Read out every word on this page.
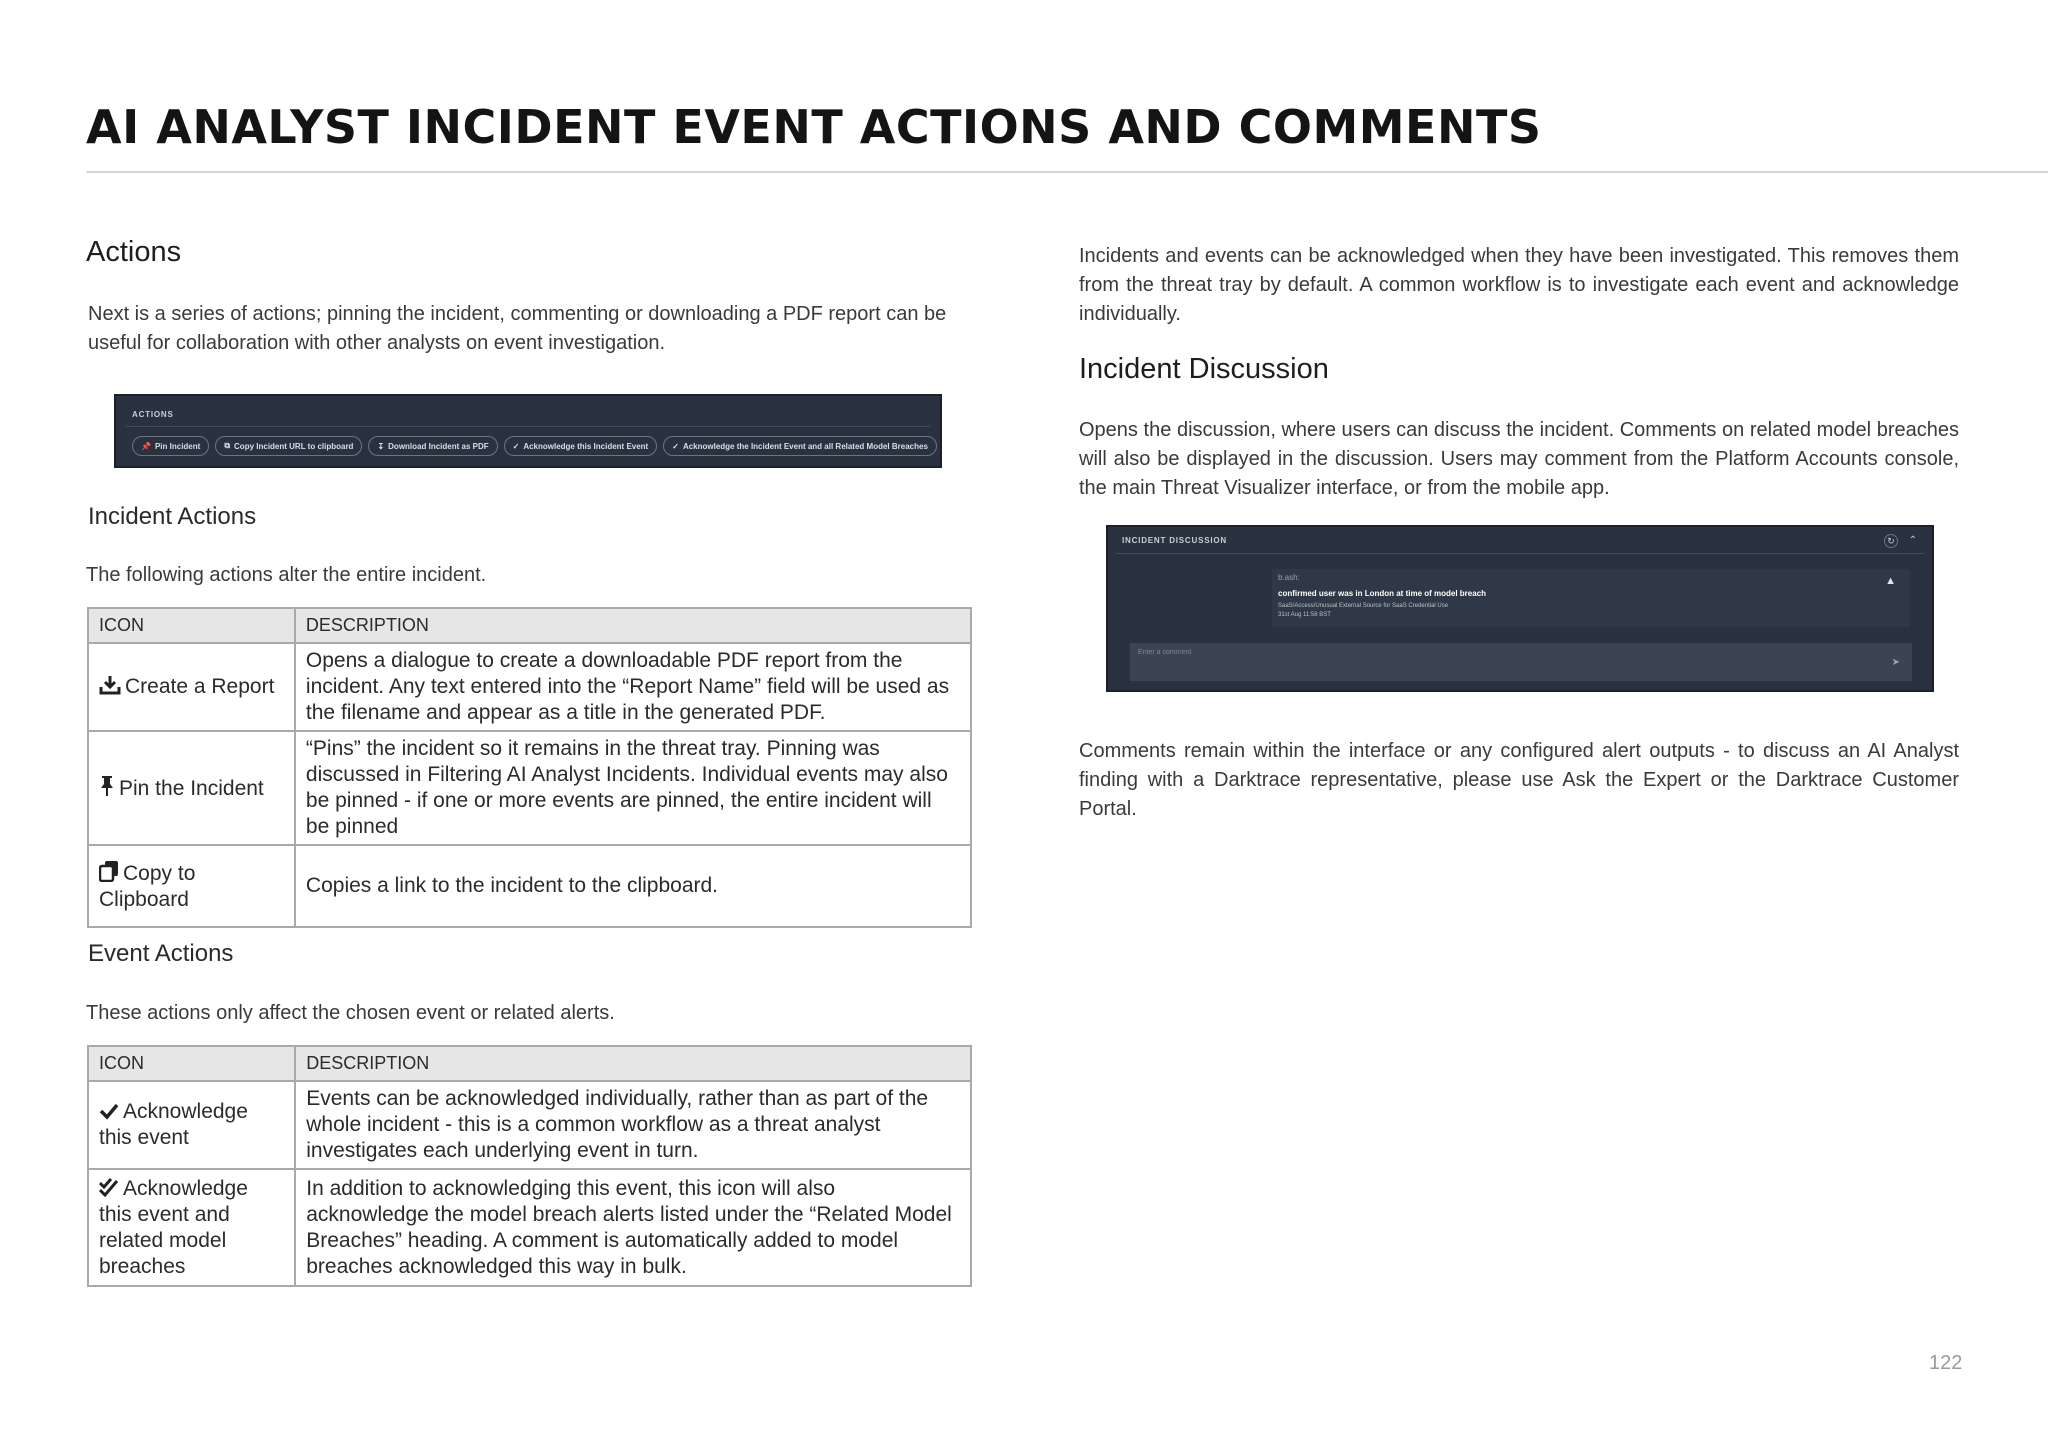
AI ANALYST INCIDENT EVENT ACTIONS AND COMMENTS
Actions

Next is a series of actions; pinning the incident, commenting or downloading a PDF report can be useful for collaboration with other analysts on event investigation.

ACTIONS
📌 Pin Incident	⧉ Copy Incident URL to clipboard	↧ Download Incident as PDF	✓ Acknowledge this Incident Event	✓ Acknowledge the Incident Event and all Related Model Breaches
Incident Actions

The following actions alter the entire incident.

ICON	DESCRIPTION
Create a Report	Opens a dialogue to create a downloadable PDF report from the incident. Any text entered into the “Report Name” field will be used as the filename and appear as a title in the generated PDF.
Pin the Incident	“Pins” the incident so it remains in the threat tray. Pinning was discussed in Filtering AI Analyst Incidents. Individual events may also be pinned - if one or more events are pinned, the entire incident will be pinned
Copy to Clipboard	Copies a link to the incident to the clipboard.
Event Actions

These actions only affect the chosen event or related alerts.

ICON	DESCRIPTION
Acknowledge this event	Events can be acknowledged individually, rather than as part of the whole incident - this is a common workflow as a threat analyst investigates each underlying event in turn.
Acknowledge this event and related model breaches	In addition to acknowledging this event, this icon will also acknowledge the model breach alerts listed under the “Related Model Breaches” heading. A comment is automatically added to model breaches acknowledged this way in bulk.

Incidents and events can be acknowledged when they have been investigated. This removes them from the threat tray by default. A common workflow is to investigate each event and acknowledge individually.

Incident Discussion

Opens the discussion, where users can discuss the incident. Comments on related model breaches will also be displayed in the discussion. Users may comment from the Platform Accounts console, the main Threat Visualizer interface, or from the mobile app.

INCIDENT DISCUSSION	↻	⌃
b.ash:
confirmed user was in London at time of model breach
SaaS/Access/Unusual External Source for SaaS Credential Use
31st Aug 11:58 BST
▲
Enter a comment
➤

Comments remain within the interface or any configured alert outputs - to discuss an AI Analyst finding with a Darktrace representative, please use Ask the Expert or the Darktrace Customer Portal.

122
